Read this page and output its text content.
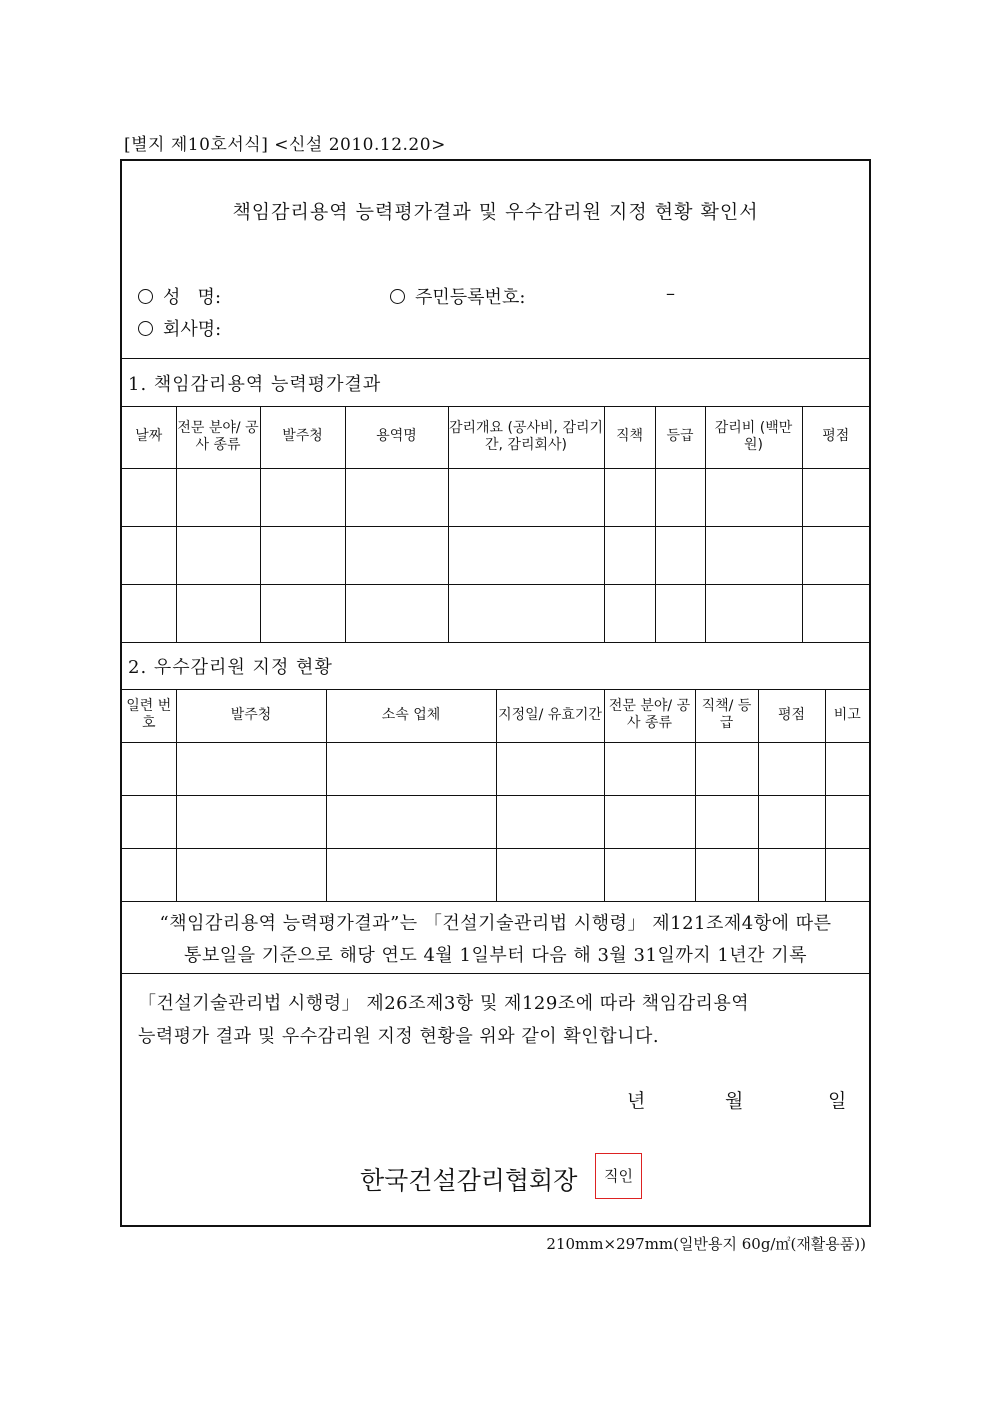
[별지 제10호서식] <신설 2010.12.20>
책임감리용역 능력평가결과 및 우수감리원 지정 현황 확인서
성   명:	주민등록번호:	–
회사명:
1. 책임감리용역 능력평가결과
날짜	전문 분야/ 공사 종류	발주청	용역명	감리개요 (공사비, 감리기간, 감리회사)	직책	등급	감리비 (백만원)	평점

2. 우수감리원 지정 현황
일련 번호	발주청	소속 업체	지정일/ 유효기간	전문 분야/ 공사 종류	직책/ 등급	평점	비고

“책임감리용역 능력평가결과”는 「건설기술관리법 시행령」 제121조제4항에 따른
통보일을 기준으로 해당 연도 4월 1일부터 다음 해 3월 31일까지 1년간 기록
「건설기술관리법 시행령」 제26조제3항 및 제129조에 따라 책임감리용역
능력평가 결과 및 우수감리원 지정 현황을 위와 같이 확인합니다.
년	월	일
한국건설감리협회장	직인
210mm×297mm(일반용지 60g/㎡(재활용품))
